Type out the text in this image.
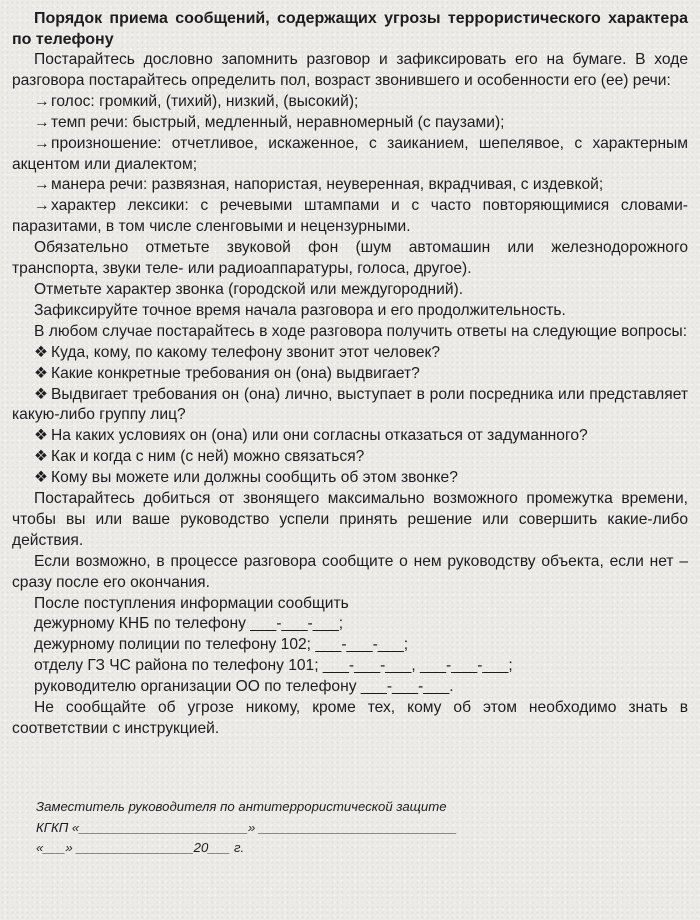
Порядок приема сообщений, содержащих угрозы террористического характера по телефону
Постарайтесь дословно запомнить разговор и зафиксировать его на бумаге. В ходе разговора постарайтесь определить пол, возраст звонившего и особенности его (ее) речи:
→голос: громкий, (тихий), низкий, (высокий);
→темп речи: быстрый, медленный, неравномерный (с паузами);
→произношение: отчетливое, искаженное, с заиканием, шепелявое, с характерным акцентом или диалектом;
→манера речи: развязная, напористая, неуверенная, вкрадчивая, с издевкой;
→характер лексики: с речевыми штампами и с часто повторяющимися словами-паразитами, в том числе сленговыми и нецензурными.
Обязательно отметьте звуковой фон (шум автомашин или железнодорожного транспорта, звуки теле- или радиоаппаратуры, голоса, другое).
Отметьте характер звонка (городской или междугородний).
Зафиксируйте точное время начала разговора и его продолжительность.
В любом случае постарайтесь в ходе разговора получить ответы на следующие вопросы:
❖ Куда, кому, по какому телефону звонит этот человек?
❖ Какие конкретные требования он (она) выдвигает?
❖ Выдвигает требования он (она) лично, выступает в роли посредника или представляет какую-либо группу лиц?
❖ На каких условиях он (она) или они согласны отказаться от задуманного?
❖ Как и когда с ним (с ней) можно связаться?
❖ Кому вы можете или должны сообщить об этом звонке?
Постарайтесь добиться от звонящего максимально возможного промежутка времени, чтобы вы или ваше руководство успели принять решение или совершить какие-либо действия.
Если возможно, в процессе разговора сообщите о нем руководству объекта, если нет – сразу после его окончания.
После поступления информации сообщить
дежурному КНБ по телефону ___-___-___;
дежурному полиции по телефону 102; ___-___-___;
отделу ГЗ ЧС района по телефону 101; ___-___-___, ___-___-___;
руководителю организации ОО по телефону ___-___-___.
Не сообщайте об угрозе никому, кроме тех, кому об этом необходимо знать в соответствии с инструкцией.
Заместитель руководителя по антитеррористической защите
КГКП «_______________________» ___________________________
«___» ________________20___ г.
